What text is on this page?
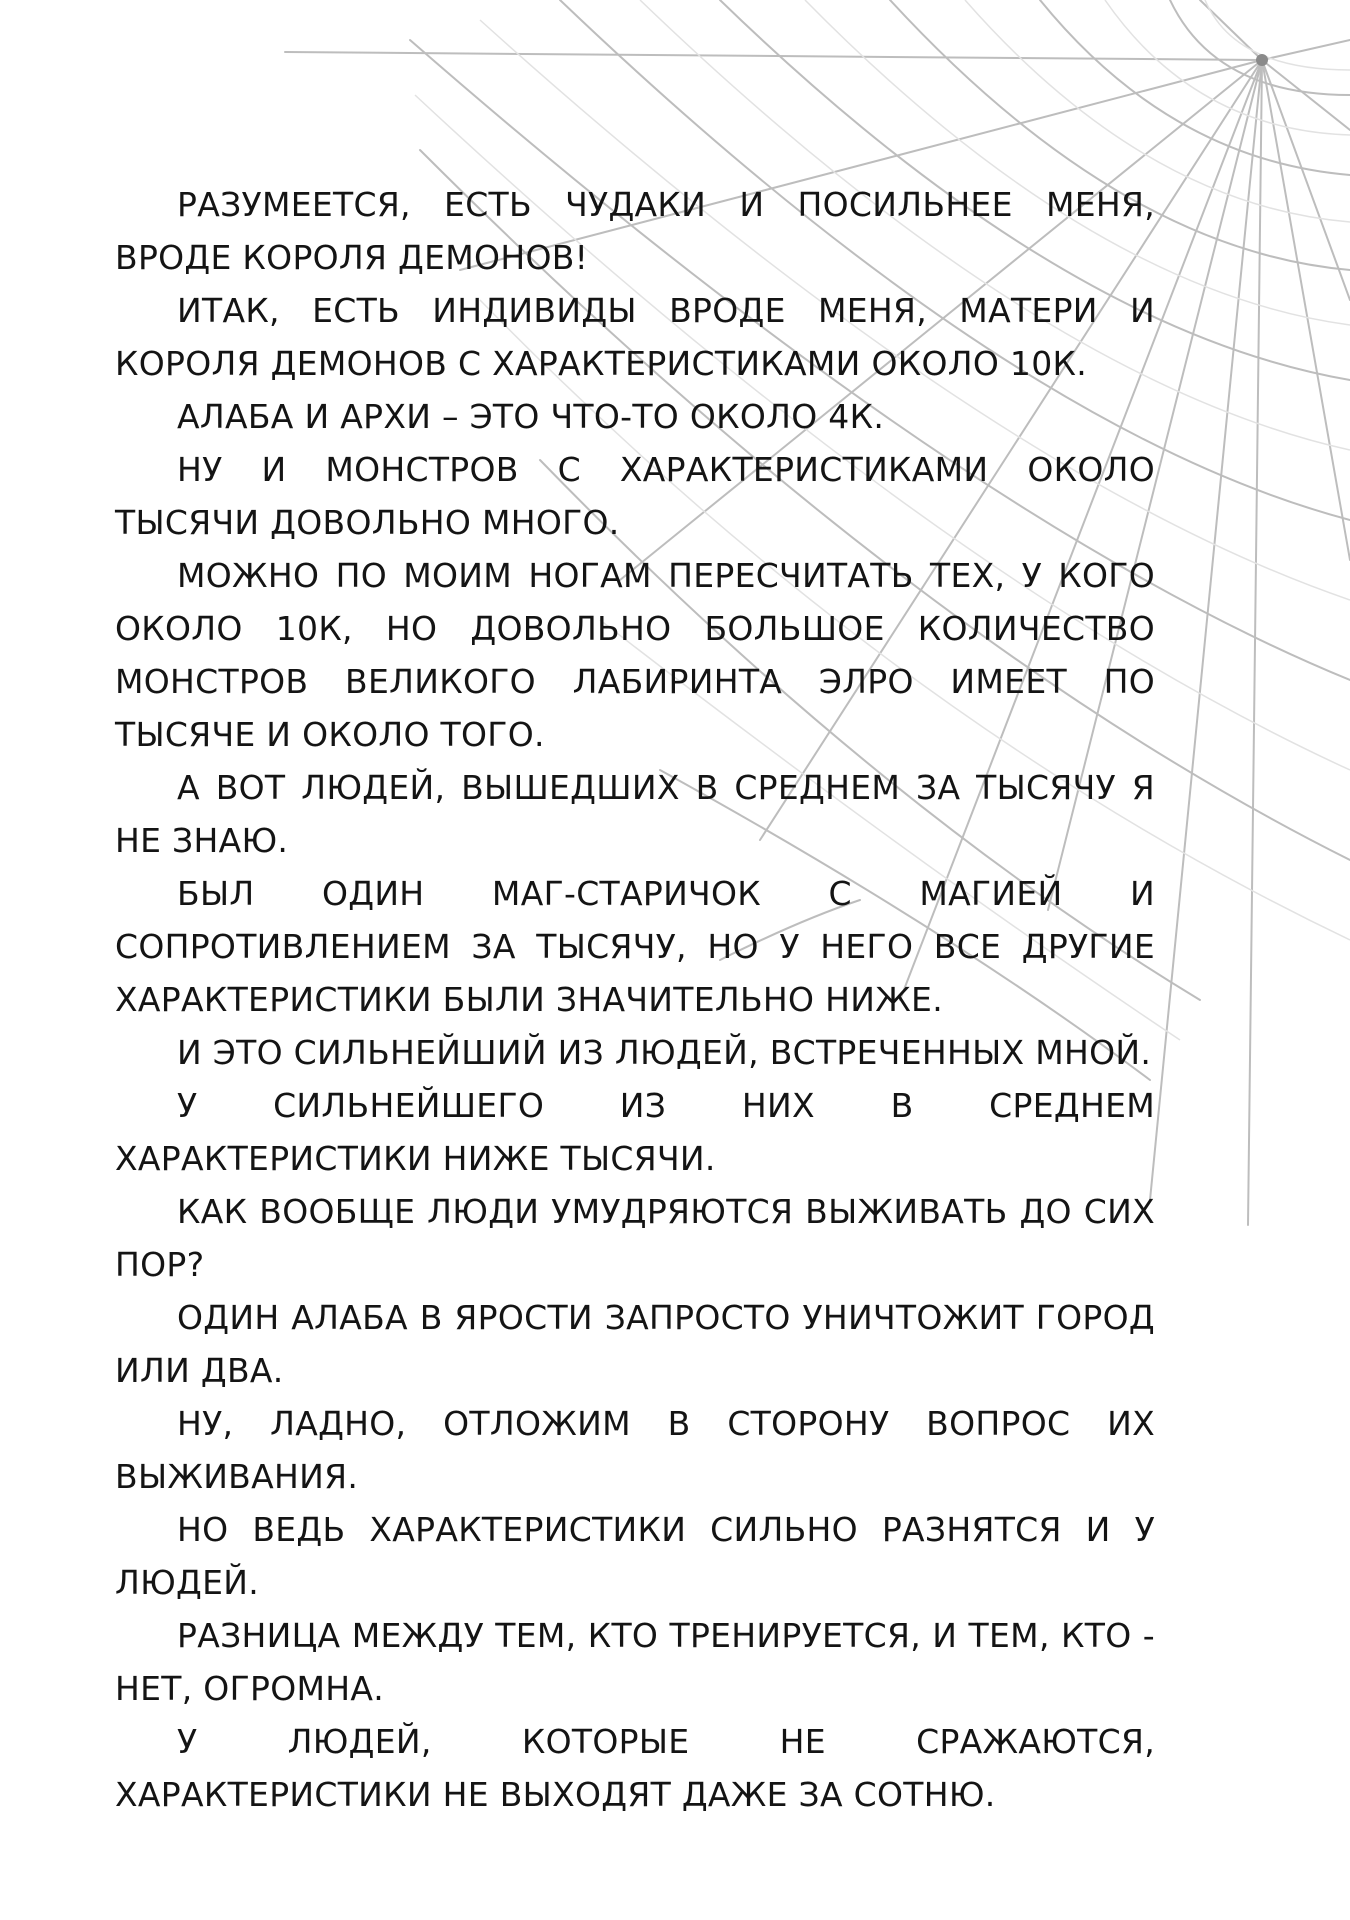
РАЗУМЕЕТСЯ, ЕСТЬ ЧУДАКИ И ПОСИЛЬНЕЕ МЕНЯ, ВРОДЕ КОРОЛЯ ДЕМОНОВ!

ИТАК, ЕСТЬ ИНДИВИДЫ ВРОДЕ МЕНЯ, МАТЕРИ И КОРОЛЯ ДЕМОНОВ С ХАРАКТЕРИСТИКАМИ ОКОЛО 10К.

АЛАБА И АРХИ – ЭТО ЧТО-ТО ОКОЛО 4К.

НУ И МОНСТРОВ С ХАРАКТЕРИСТИКАМИ ОКОЛО ТЫСЯЧИ ДОВОЛЬНО МНОГО.

МОЖНО ПО МОИМ НОГАМ ПЕРЕСЧИТАТЬ ТЕХ, У КОГО ОКОЛО 10К, НО ДОВОЛЬНО БОЛЬШОЕ КОЛИЧЕСТВО МОНСТРОВ ВЕЛИКОГО ЛАБИРИНТА ЭЛРО ИМЕЕТ ПО ТЫСЯЧЕ И ОКОЛО ТОГО.

А ВОТ ЛЮДЕЙ, ВЫШЕДШИХ В СРЕДНЕМ ЗА ТЫСЯЧУ Я НЕ ЗНАЮ.

БЫЛ ОДИН МАГ-СТАРИЧОК С МАГИЕЙ И СОПРОТИВЛЕНИЕМ ЗА ТЫСЯЧУ, НО У НЕГО ВСЕ ДРУГИЕ ХАРАКТЕРИСТИКИ БЫЛИ ЗНАЧИТЕЛЬНО НИЖЕ.

И ЭТО СИЛЬНЕЙШИЙ ИЗ ЛЮДЕЙ, ВСТРЕЧЕННЫХ МНОЙ.

У СИЛЬНЕЙШЕГО ИЗ НИХ В СРЕДНЕМ ХАРАКТЕРИСТИКИ НИЖЕ ТЫСЯЧИ.

КАК ВООБЩЕ ЛЮДИ УМУДРЯЮТСЯ ВЫЖИВАТЬ ДО СИХ ПОР?

ОДИН АЛАБА В ЯРОСТИ ЗАПРОСТО УНИЧТОЖИТ ГОРОД ИЛИ ДВА.

НУ, ЛАДНО, ОТЛОЖИМ В СТОРОНУ ВОПРОС ИХ ВЫЖИВАНИЯ.

НО ВЕДЬ ХАРАКТЕРИСТИКИ СИЛЬНО РАЗНЯТСЯ И У ЛЮДЕЙ.

РАЗНИЦА МЕЖДУ ТЕМ, КТО ТРЕНИРУЕТСЯ, И ТЕМ, КТО - НЕТ, ОГРОМНА.

У ЛЮДЕЙ, КОТОРЫЕ НЕ СРАЖАЮТСЯ, ХАРАКТЕРИСТИКИ НЕ ВЫХОДЯТ ДАЖЕ ЗА СОТНЮ.
